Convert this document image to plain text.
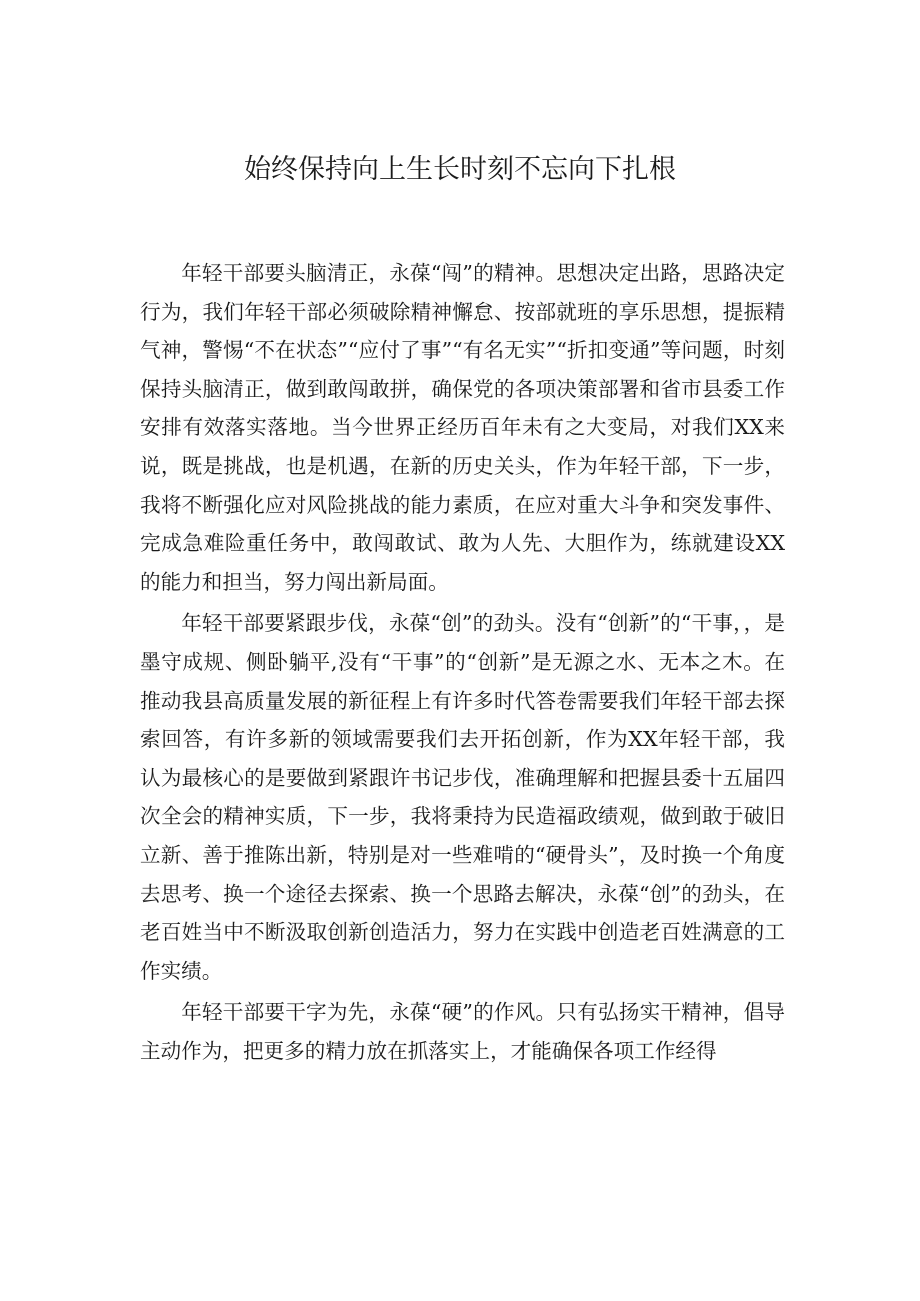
始终保持向上生长时刻不忘向下扎根

年轻干部要头脑清正，永葆“闯”的精神。思想决定出路，思路决定行为，我们年轻干部必须破除精神懈怠、按部就班的享乐思想，提振精气神，警惕“不在状态”“应付了事”“有名无实”“折扣变通”等问题，时刻保持头脑清正，做到敢闯敢拼，确保党的各项决策部署和省市县委工作安排有效落实落地。当今世界正经历百年未有之大变局，对我们XX来说，既是挑战，也是机遇，在新的历史关头，作为年轻干部，下一步，我将不断强化应对风险挑战的能力素质，在应对重大斗争和突发事件、完成急难险重任务中，敢闯敢试、敢为人先、大胆作为，练就建设XX的能力和担当，努力闯出新局面。

年轻干部要紧跟步伐，永葆“创”的劲头。没有“创新”的“干事，，是墨守成规、侧卧躺平,没有“干事”的“创新”是无源之水、无本之木。在推动我县高质量发展的新征程上有许多时代答卷需要我们年轻干部去探索回答，有许多新的领域需要我们去开拓创新，作为XX年轻干部，我认为最核心的是要做到紧跟许书记步伐，准确理解和把握县委十五届四次全会的精神实质，下一步，我将秉持为民造福政绩观，做到敢于破旧立新、善于推陈出新，特别是对一些难啃的“硬骨头”，及时换一个角度去思考、换一个途径去探索、换一个思路去解决，永葆“创”的劲头，在老百姓当中不断汲取创新创造活力，努力在实践中创造老百姓满意的工作实绩。

年轻干部要干字为先，永葆“硬”的作风。只有弘扬实干精神，倡导主动作为，把更多的精力放在抓落实上，才能确保各项工作经得
